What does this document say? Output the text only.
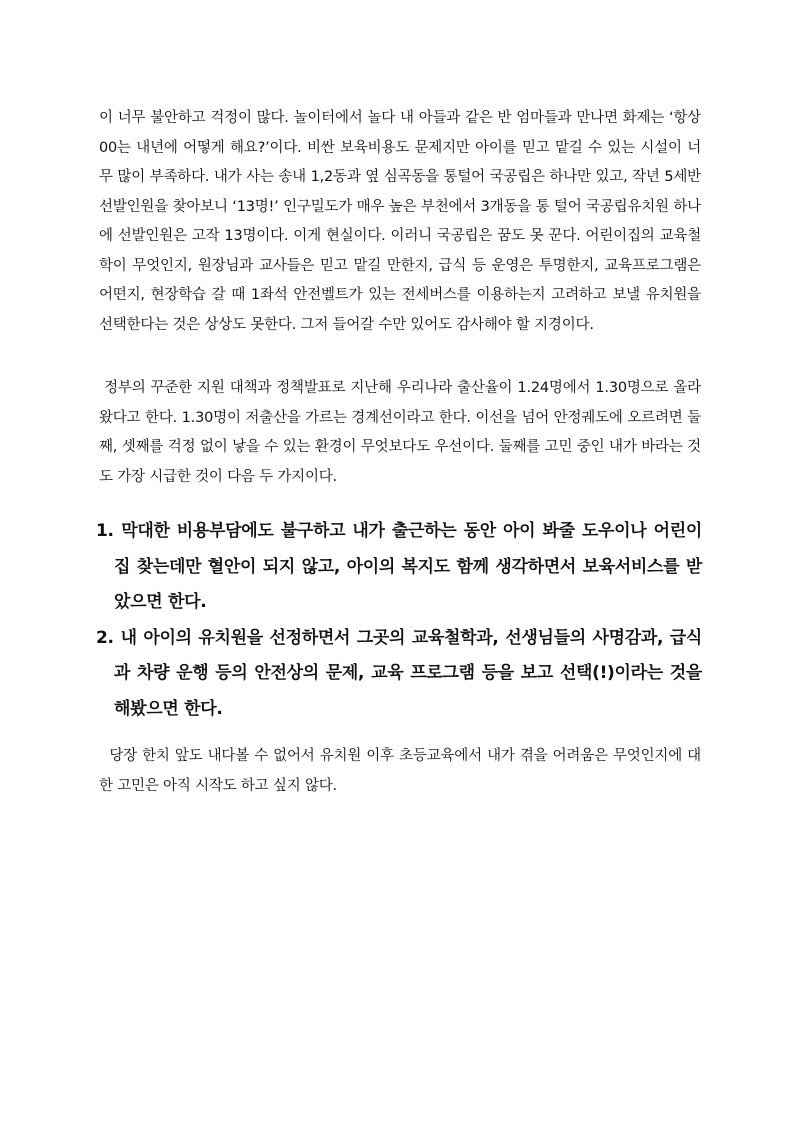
이 너무 불안하고 걱정이 많다. 놀이터에서 놀다 내 아들과 같은 반 엄마들과 만나면 화제는 ‘항상 00는 내년에 어떻게 해요?’이다. 비싼 보육비용도 문제지만 아이를 믿고 맡길 수 있는 시설이 너무 많이 부족하다. 내가 사는 송내 1,2동과 옆 심곡동을 통털어 국공립은 하나만 있고, 작년 5세반 선발인원을 찾아보니 ‘13명!’ 인구밀도가 매우 높은 부천에서 3개동을 통 털어 국공립유치원 하나에 선발인원은 고작 13명이다. 이게 현실이다. 이러니 국공립은 꿈도 못 꾼다. 어린이집의 교육철학이 무엇인지, 원장님과 교사들은 믿고 맡길 만한지, 급식 등 운영은 투명한지, 교육프로그램은 어떤지, 현장학습 갈 때 1좌석 안전벨트가 있는 전세버스를 이용하는지 고려하고 보낼 유치원을 선택한다는 것은 상상도 못한다. 그저 들어갈 수만 있어도 감사해야 할 지경이다.

정부의 꾸준한 지원 대책과 정책발표로 지난해 우리나라 출산율이 1.24명에서 1.30명으로 올라왔다고 한다. 1.30명이 저출산을 가르는 경계선이라고 한다. 이선을 넘어 안정궤도에 오르려면 둘째, 셋째를 걱정 없이 낳을 수 있는 환경이 무엇보다도 우선이다. 둘째를 고민 중인 내가 바라는 것도 가장 시급한 것이 다음 두 가지이다.

1. 막대한 비용부담에도 불구하고 내가 출근하는 동안 아이 봐줄 도우이나 어린이집 찾는데만 혈안이 되지 않고, 아이의 복지도 함께 생각하면서 보육서비스를 받았으면 한다.
2. 내 아이의 유치원을 선정하면서 그곳의 교육철학과, 선생님들의 사명감과, 급식과 차량 운행 등의 안전상의 문제, 교육 프로그램 등을 보고 선택(!)이라는 것을 해봤으면 한다.

당장 한치 앞도 내다볼 수 없어서 유치원 이후 초등교육에서 내가 겪을 어려움은 무엇인지에 대한 고민은 아직 시작도 하고 싶지 않다.
